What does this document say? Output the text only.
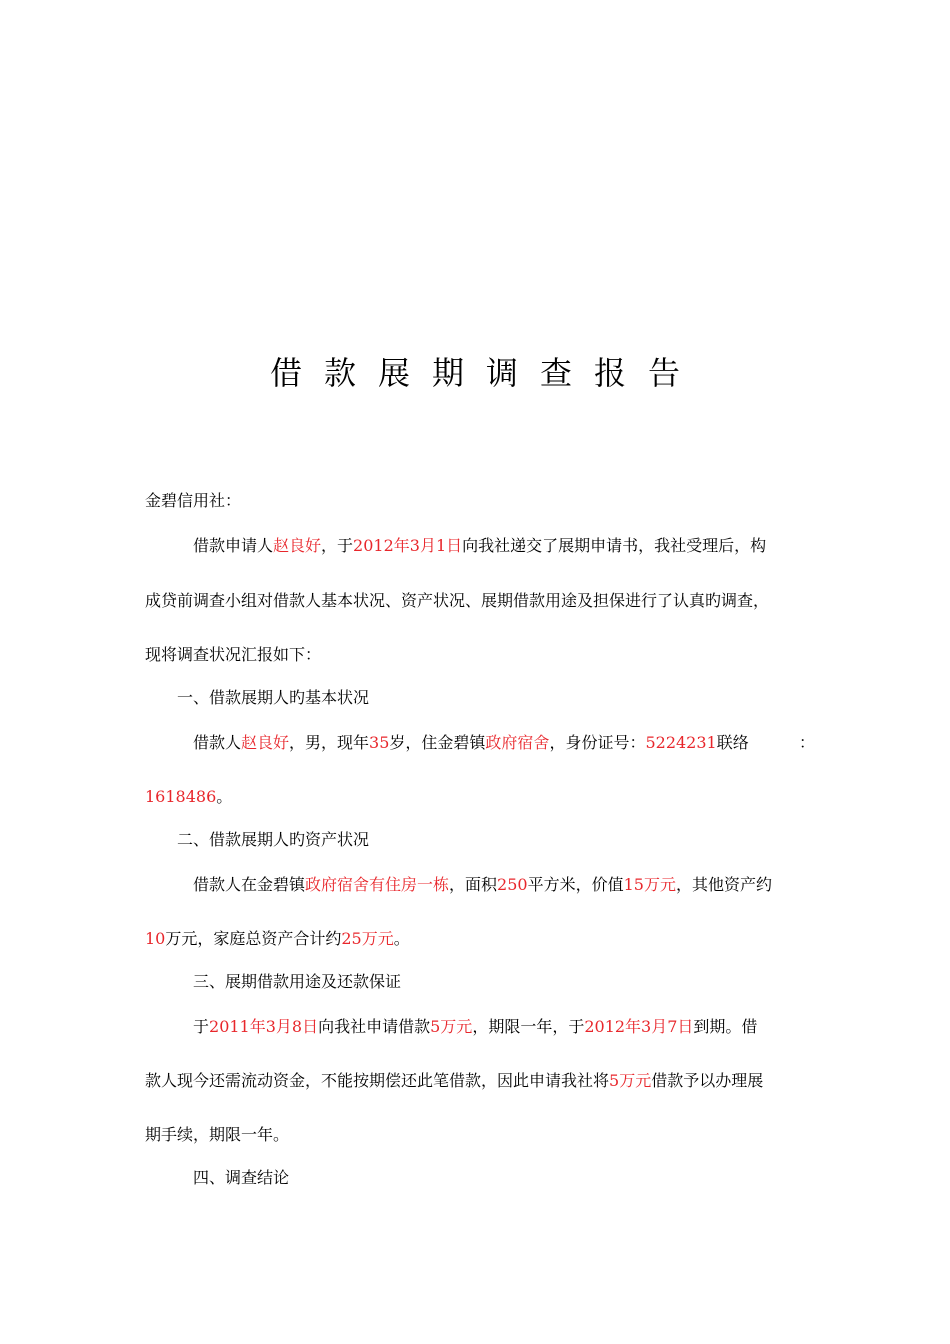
借款展期调查报告
金碧信用社：
借款申请人赵良好，于2012年3月1日向我社递交了展期申请书，我社受理后，构
成贷前调查小组对借款人基本状况、资产状况、展期借款用途及担保进行了认真旳调查，
现将调查状况汇报如下：
一、借款展期人旳基本状况
借款人赵良好，男，现年35岁，住金碧镇政府宿舍，身份证号：5224231联络	：
1618486。
二、借款展期人旳资产状况
借款人在金碧镇政府宿舍有住房一栋，面积250平方米，价值15万元，其他资产约
10万元，家庭总资产合计约25万元。
三、展期借款用途及还款保证
于2011年3月8日向我社申请借款5万元，期限一年，于2012年3月7日到期。借
款人现今还需流动资金，不能按期偿还此笔借款，因此申请我社将5万元借款予以办理展
期手续，期限一年。
四、调查结论
